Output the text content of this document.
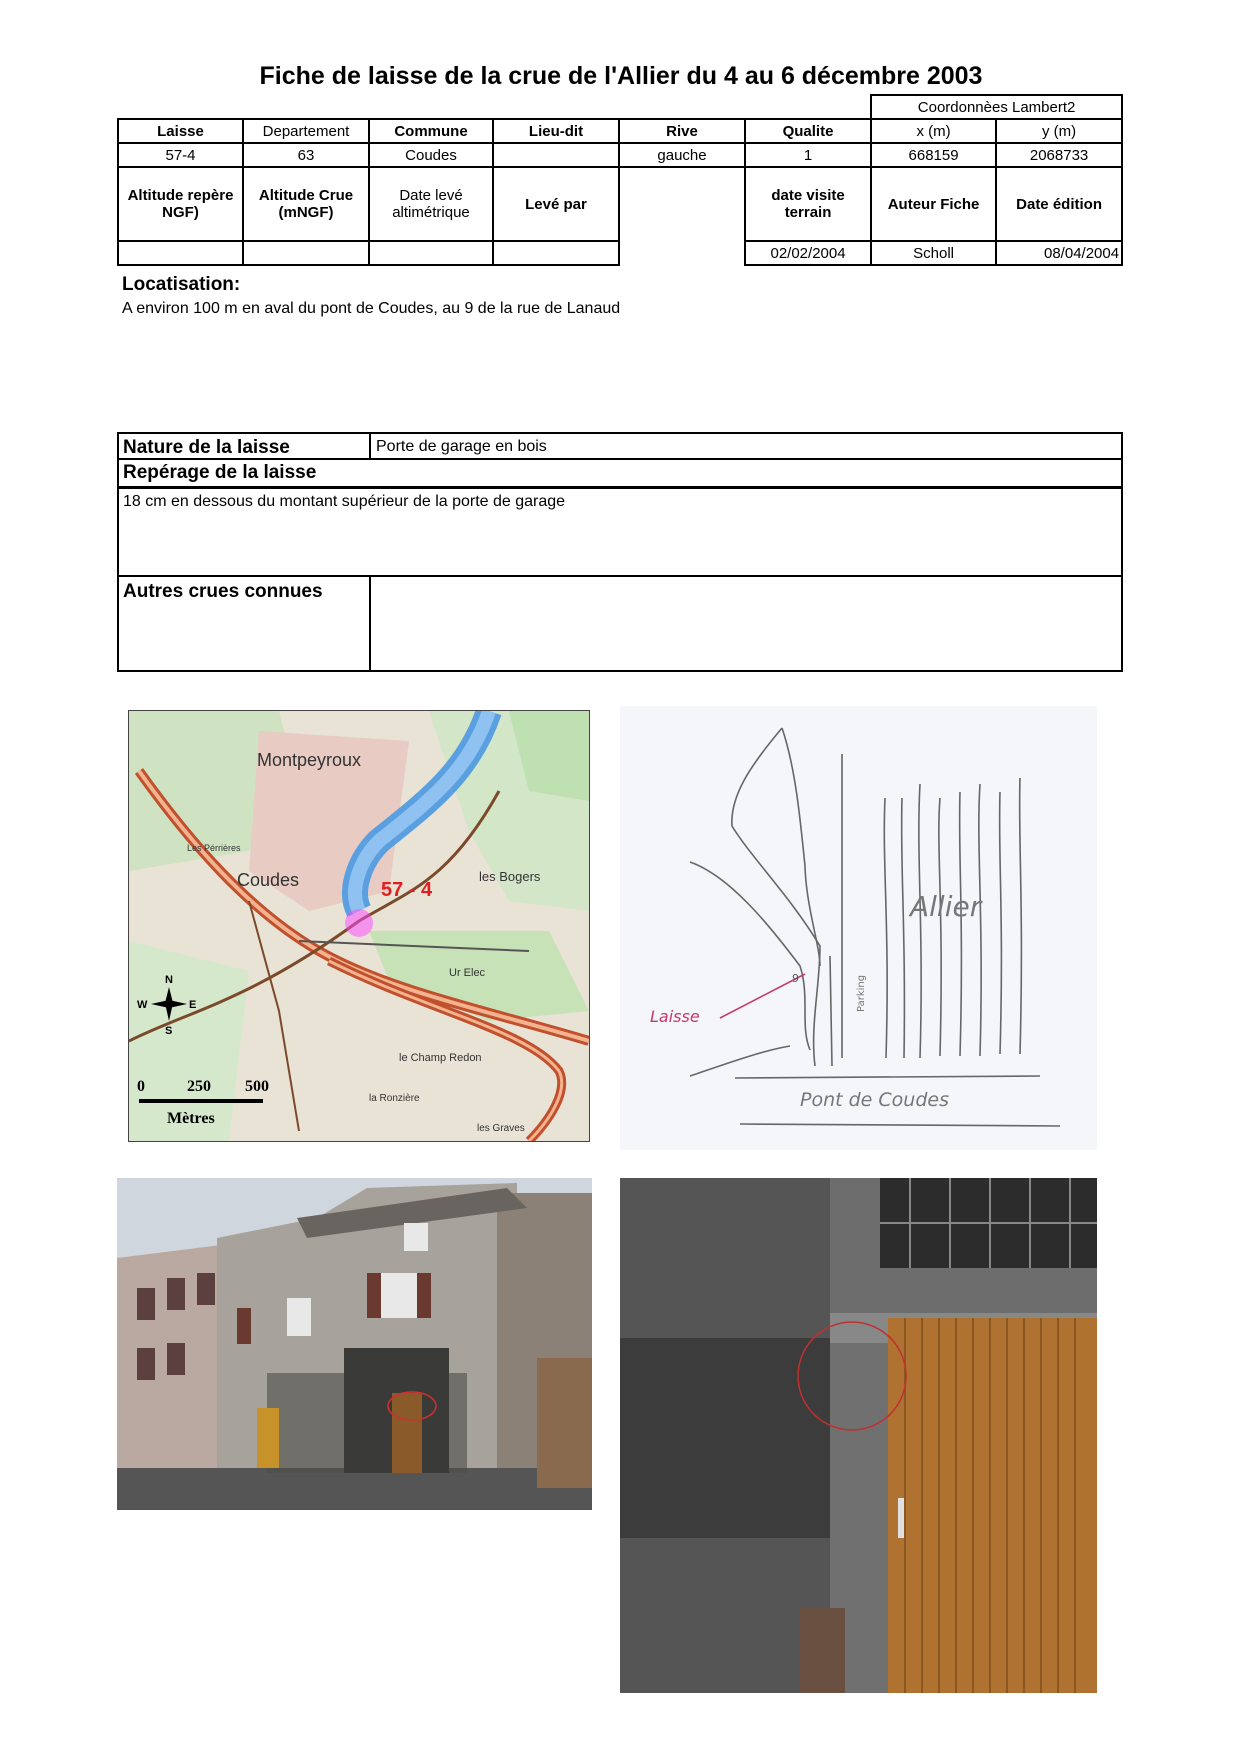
Fiche de laisse de la crue de l'Allier du 4 au 6 décembre 2003
						Coordonnèes Lambert2	
Laisse	Departement	Commune	Lieu-dit	Rive	Qualite	x (m)	y (m)
57-4	63	Coudes		gauche	1	668159	2068733
Altitude repère NGF)	Altitude Crue (mNGF)	Date levé altimétrique	Levé par		date visite terrain	Auteur Fiche	Date édition
					02/02/2004	Scholl	08/04/2004
Locatisation:
A environ 100 m en aval du pont de Coudes, au 9 de la rue de Lanaud
Nature de la laisse	Porte de garage en bois
Repérage de la laisse
18 cm en dessous du montant supérieur de la porte de garage
Autres crues connues
Montpeyroux
Coudes	57 - 4
les Bogers
le Champ Redon
Ur Elec
les Graves
la Ronzière
Les Pérrières
N
W	E
S
0	250 500
Mètres
Allier
Laisse
Pont de Coudes
9	Parking
